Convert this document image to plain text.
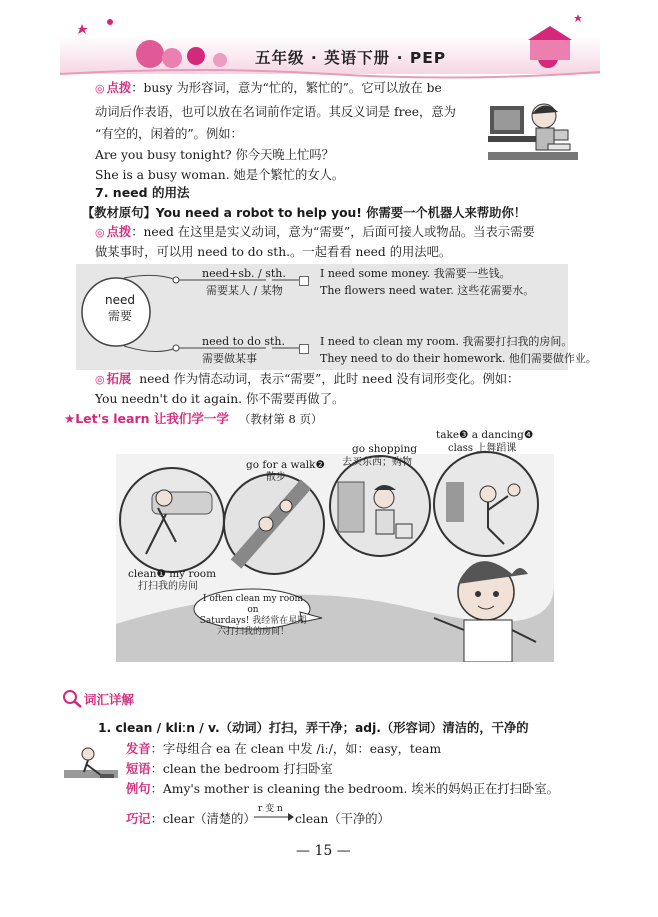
五年级 · 英语下册 · PEP
◎ 点拨：busy 为形容词，意为“忙的，繁忙的”。它可以放在 be
动词后作表语，也可以放在名词前作定语。其反义词是 free，意为
“有空的，闲着的”。例如：
Are you busy tonight? 你今天晚上忙吗？
She is a busy woman. 她是个繁忙的女人。
7. need 的用法
【教材原句】You need a robot to help you! 你需要一个机器人来帮助你！
◎ 点拨：need 在这里是实义动词，意为“需要”，后面可接人或物品。当表示需要
做某事时，可以用 need to do sth.。一起看看 need 的用法吧。
need
需要
need+sb. / sth.
需要某人 / 某物
I need some money. 我需要一些钱。
The flowers need water. 这些花需要水。
need to do sth.
需要做某事
I need to clean my room. 我需要打扫我的房间。
They need to do their homework. 他们需要做作业。
◎ 拓展 need 作为情态动词，表示“需要”，此时 need 没有词形变化。例如：
You needn't do it again. 你不需要再做了。
★Let's learn 让我们学一学 （教材第 8 页）
clean❶ my room
打扫我的房间
go for a walk❷
散步
go shopping
去买东西；购物
take❸ a dancing❹
class 上舞蹈课
I often clean my room on
Saturdays! 我经常在星期
六打扫我的房间！
词汇详解
1. clean / kliːn / v.（动词）打扫，弄干净；adj.（形容词）清洁的，干净的
发音：字母组合 ea 在 clean 中发 /iː/，如：easy，team
短语：clean the bedroom 打扫卧室
例句：Amy's mother is cleaning the bedroom. 埃米的妈妈正在打扫卧室。
巧记：clear（清楚的）
r 变 n
clean（干净的）
— 15 —
